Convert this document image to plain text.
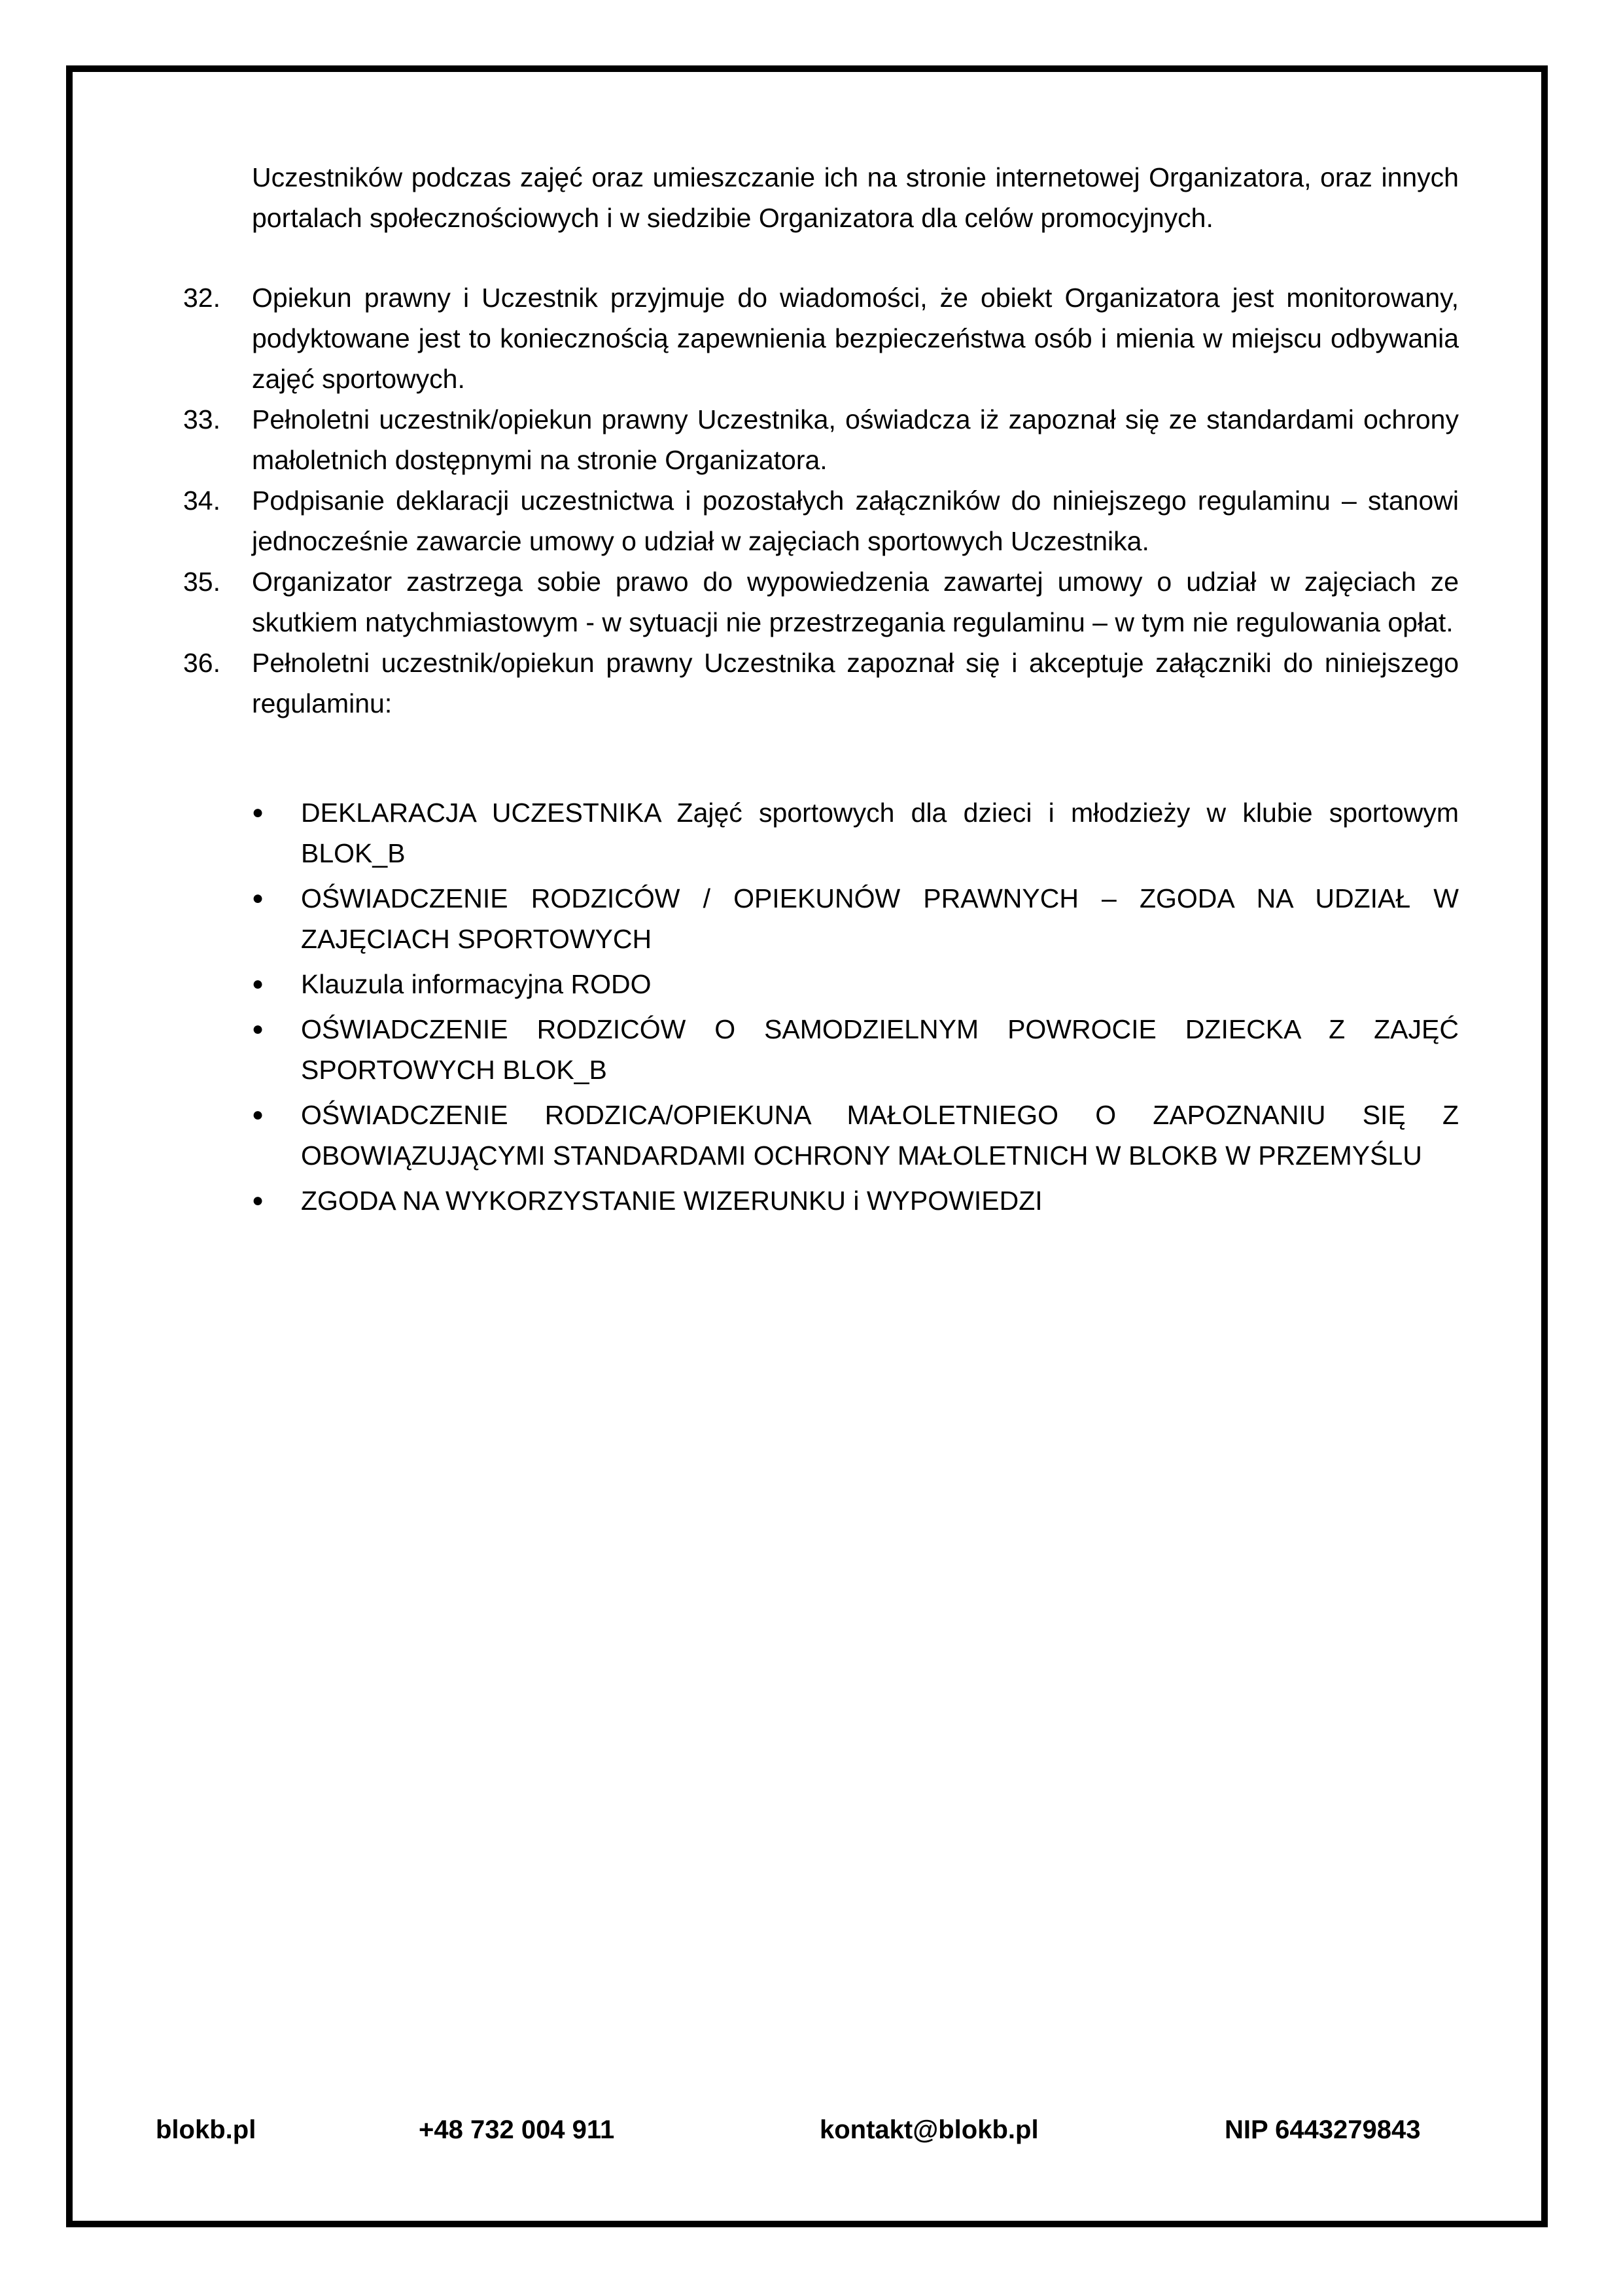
Uczestników podczas zajęć oraz umieszczanie ich na stronie internetowej Organizatora, oraz innych portalach społecznościowych i w siedzibie Organizatora dla celów promocyjnych.

32.	Opiekun prawny i Uczestnik przyjmuje do wiadomości, że obiekt Organizatora jest monitorowany, podyktowane jest to koniecznością zapewnienia bezpieczeństwa osób i mienia w miejscu odbywania zajęć sportowych.
33.	Pełnoletni uczestnik/opiekun prawny Uczestnika, oświadcza iż zapoznał się ze standardami ochrony małoletnich dostępnymi na stronie Organizatora.
34.	Podpisanie deklaracji uczestnictwa i pozostałych załączników do niniejszego regulaminu – stanowi jednocześnie zawarcie umowy o udział w zajęciach sportowych Uczestnika.
35.	Organizator zastrzega sobie prawo do wypowiedzenia zawartej umowy o udział w zajęciach ze skutkiem natychmiastowym - w sytuacji nie przestrzegania regulaminu – w tym nie regulowania opłat.
36.	Pełnoletni uczestnik/opiekun prawny Uczestnika zapoznał się i akceptuje załączniki do niniejszego regulaminu:
●	DEKLARACJA UCZESTNIKA Zajęć sportowych dla dzieci i młodzieży w klubie sportowym BLOK_B
●	OŚWIADCZENIE RODZICÓW / OPIEKUNÓW PRAWNYCH – ZGODA NA UDZIAŁ W ZAJĘCIACH SPORTOWYCH
●	Klauzula informacyjna RODO
●	OŚWIADCZENIE RODZICÓW O SAMODZIELNYM POWROCIE DZIECKA Z ZAJĘĆ SPORTOWYCH BLOK_B
●	OŚWIADCZENIE RODZICA/OPIEKUNA MAŁOLETNIEGO O ZAPOZNANIU SIĘ Z OBOWIĄZUJĄCYMI STANDARDAMI OCHRONY MAŁOLETNICH W BLOKB W PRZEMYŚLU
●	ZGODA NA WYKORZYSTANIE WIZERUNKU i WYPOWIEDZI
blokb.pl	+48 732 004 911	kontakt@blokb.pl	NIP 6443279843
